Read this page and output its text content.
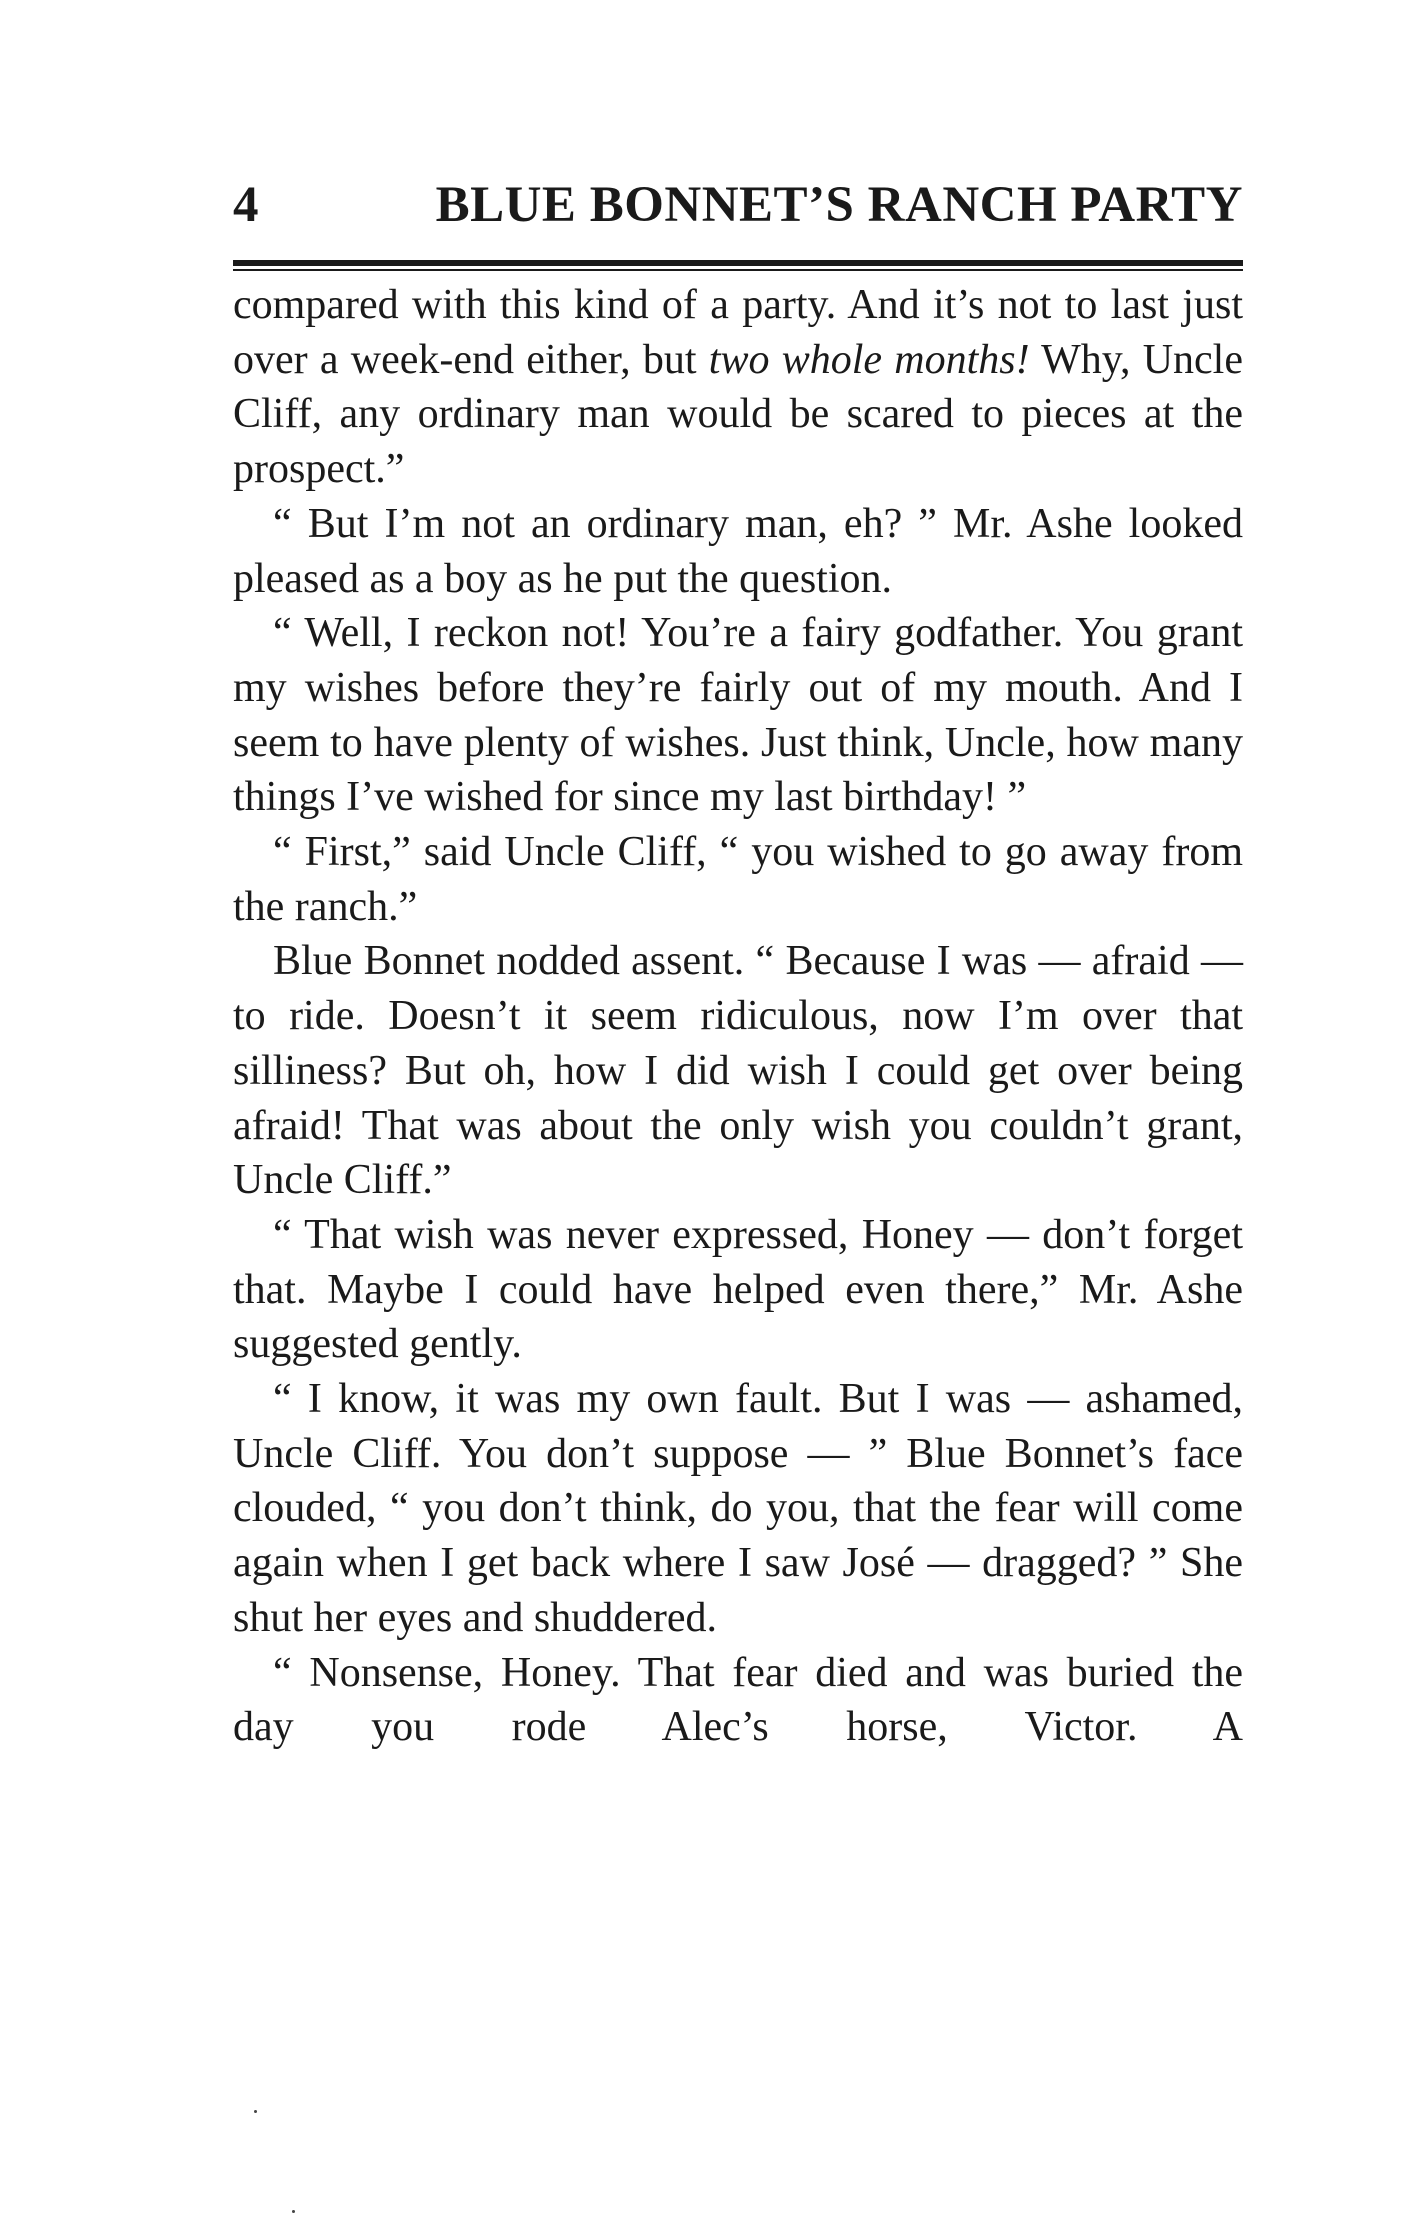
4	BLUE BONNET’S RANCH PARTY

compared with this kind of a party. And it’s not to last just over a week-end either, but two whole months! Why, Uncle Cliff, any ordinary man would be scared to pieces at the prospect.”

“ But I’m not an ordinary man, eh? ” Mr. Ashe looked pleased as a boy as he put the question.

“ Well, I reckon not! You’re a fairy godfather. You grant my wishes before they’re fairly out of my mouth. And I seem to have plenty of wishes. Just think, Uncle, how many things I’ve wished for since my last birthday! ”

“ First,” said Uncle Cliff, “ you wished to go away from the ranch.”

Blue Bonnet nodded assent. “ Because I was — afraid — to ride. Doesn’t it seem ridiculous, now I’m over that silliness? But oh, how I did wish I could get over being afraid! That was about the only wish you couldn’t grant, Uncle Cliff.”

“ That wish was never expressed, Honey — don’t forget that. Maybe I could have helped even there,” Mr. Ashe suggested gently.

“ I know, it was my own fault. But I was — ashamed, Uncle Cliff. You don’t suppose — ” Blue Bonnet’s face clouded, “ you don’t think, do you, that the fear will come again when I get back where I saw José — dragged? ” She shut her eyes and shuddered.

“ Nonsense, Honey. That fear died and was buried the day you rode Alec’s horse, Victor. A
